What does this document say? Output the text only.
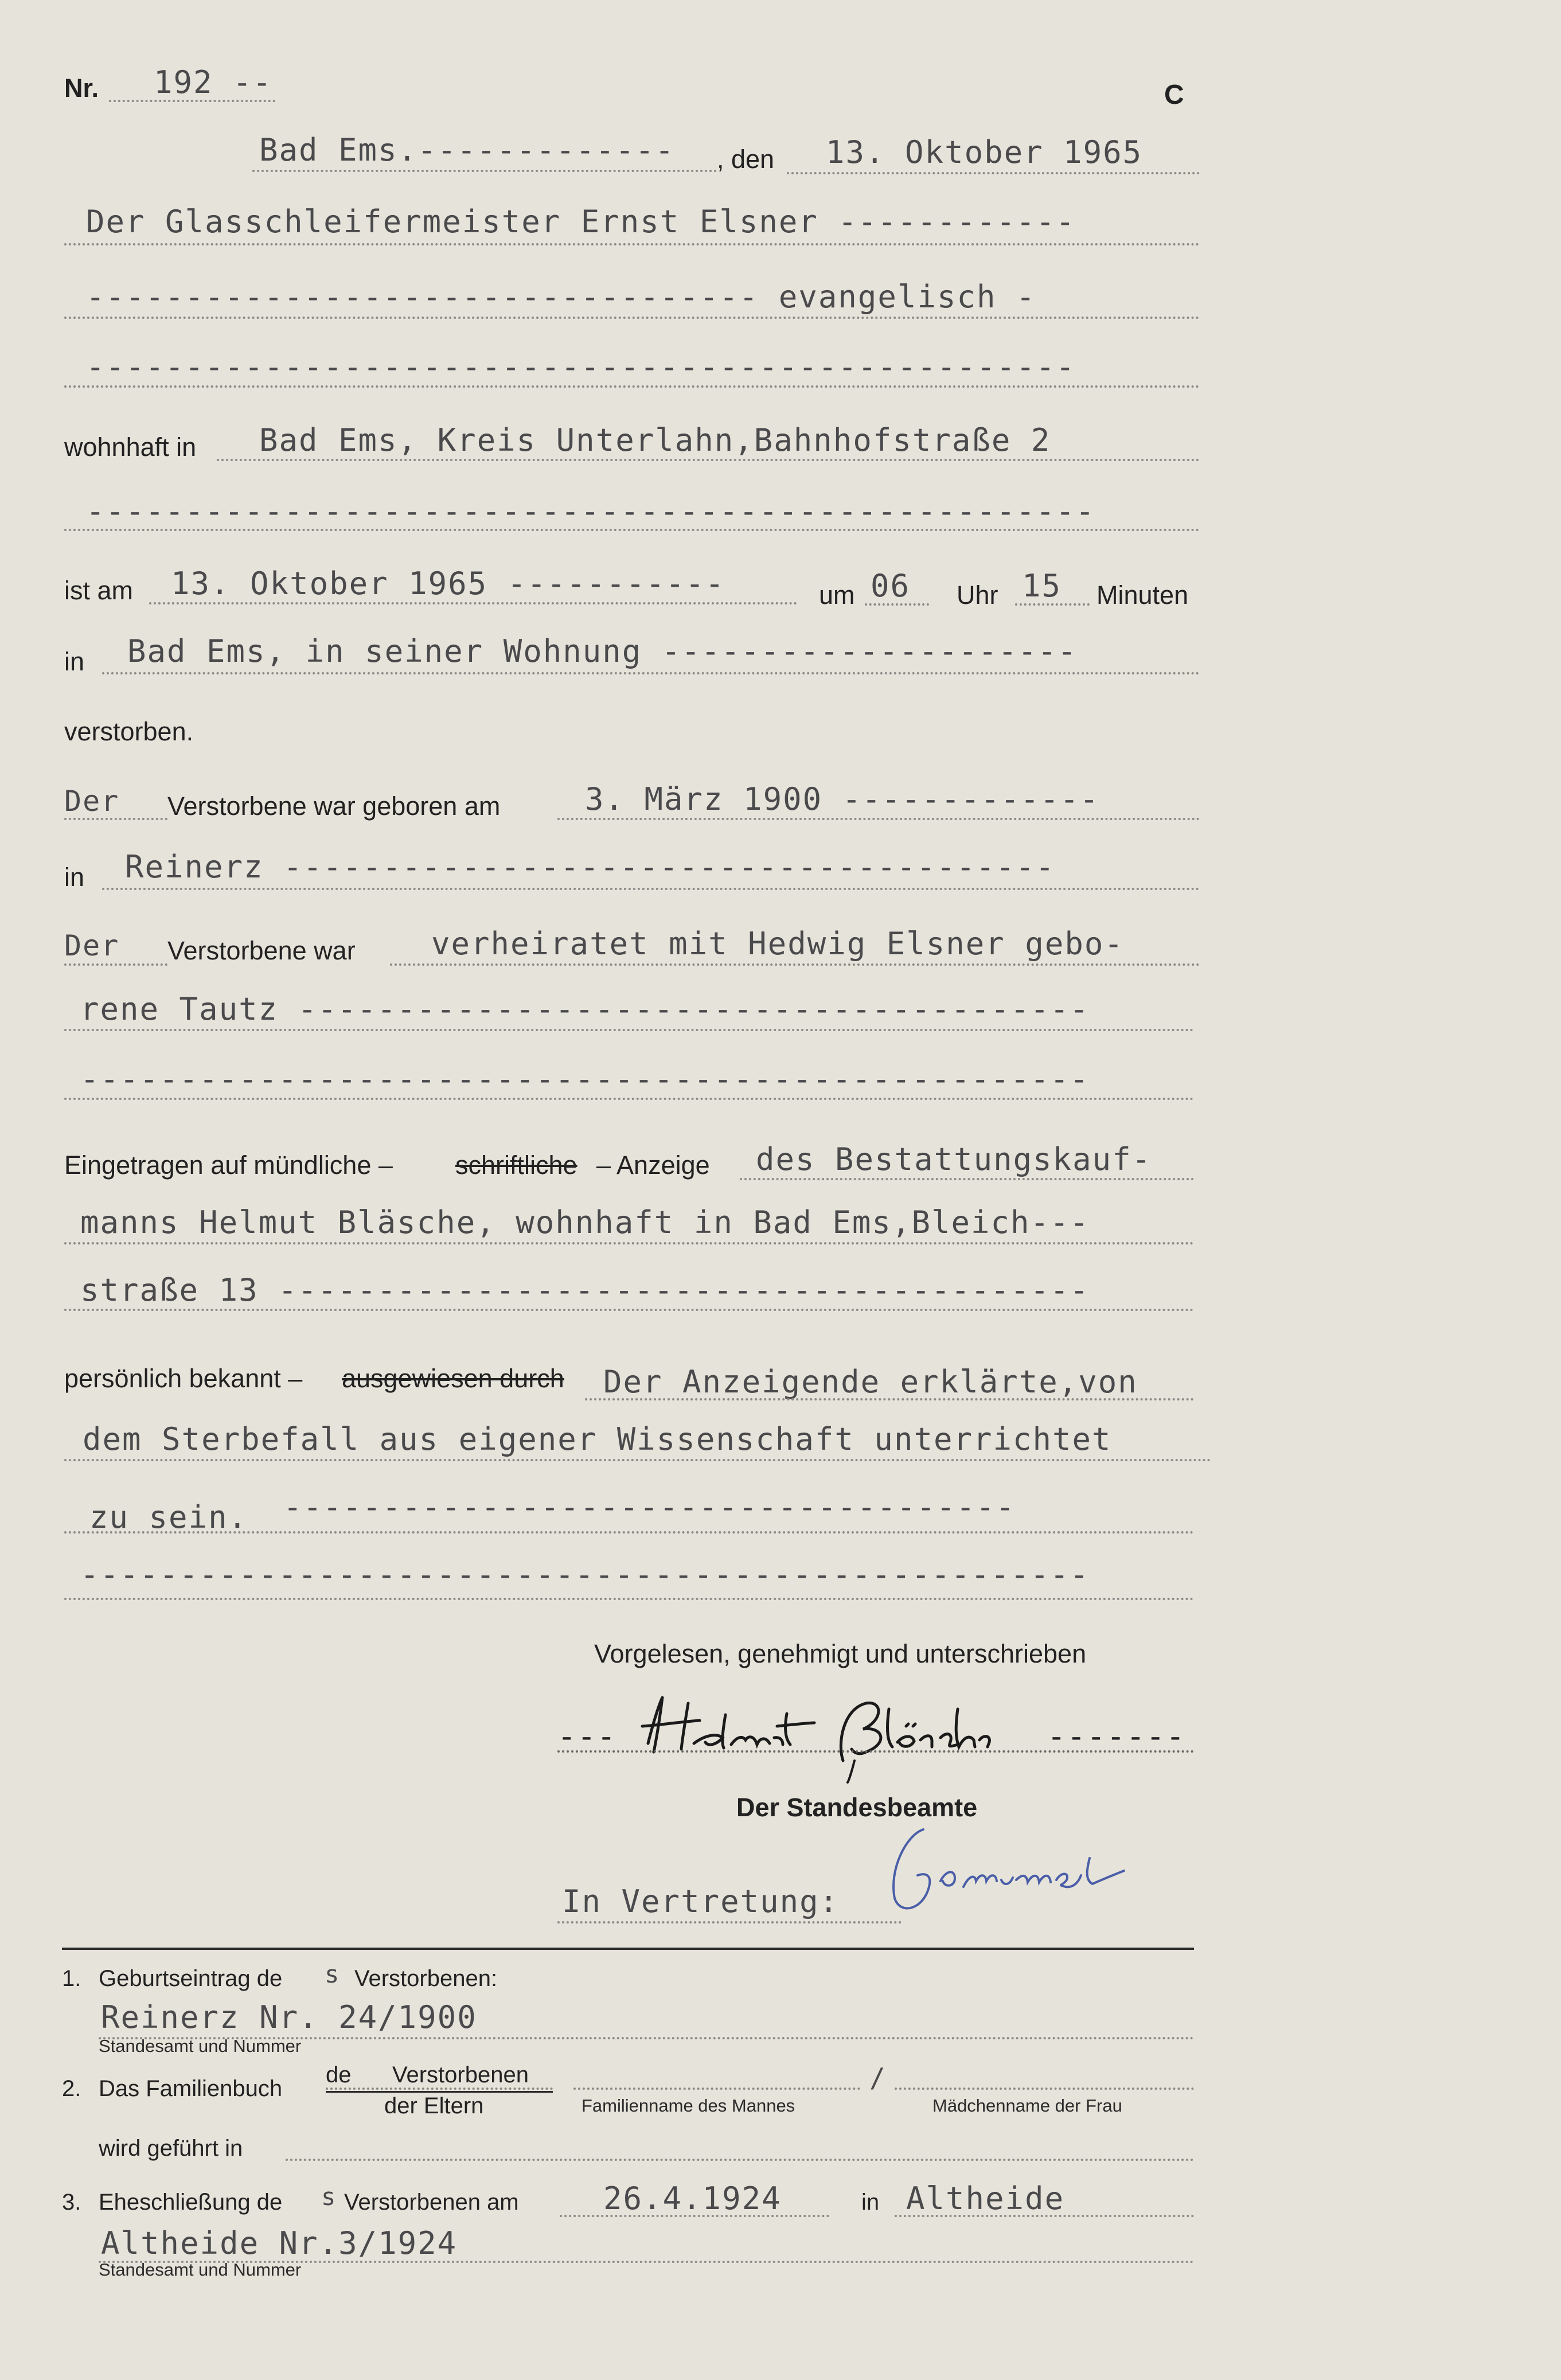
Nr. 192 --	C
Bad Ems.------------- , den 13. Oktober 1965
Der Glasschleifermeister Ernst Elsner ------------
---------------------------------- evangelisch -
--------------------------------------------------
wohnhaft in Bad Ems, Kreis Unterlahn,Bahnhofstraße 2
---------------------------------------------------
ist am 13. Oktober 1965 -----------	um 06 Uhr 15 Minuten
in Bad Ems, in seiner Wohnung ---------------------
verstorben.
Der Verstorbene war geboren am	3. März 1900 -------------
in Reinerz ---------------------------------------
Der Verstorbene war verheiratet mit Hedwig Elsner gebo-
rene Tautz ----------------------------------------
---------------------------------------------------
Eingetragen auf mündliche – schriftliche – Anzeige des Bestattungskauf-
manns Helmut Bläsche, wohnhaft in Bad Ems,Bleich---
straße 13 -----------------------------------------
persönlich bekannt – ausgewiesen durch Der Anzeigende erklärte,von
dem Sterbefall aus eigener Wissenschaft unterrichtet
zu sein. -------------------------------------
---------------------------------------------------
Vorgelesen, genehmigt und unterschrieben
---	-------
Der Standesbeamte
In Vertretung:
1. Geburtseintrag de s Verstorbenen:
Reinerz Nr. 24/1900
Standesamt und Nummer
2. Das Familienbuch
de Verstorbenen
der Eltern
/
Familienname des Mannes	Mädchenname der Frau
wird geführt in
3. Eheschließung de s Verstorbenen am	26.4.1924	in Altheide
Altheide Nr.3/1924
Standesamt und Nummer
